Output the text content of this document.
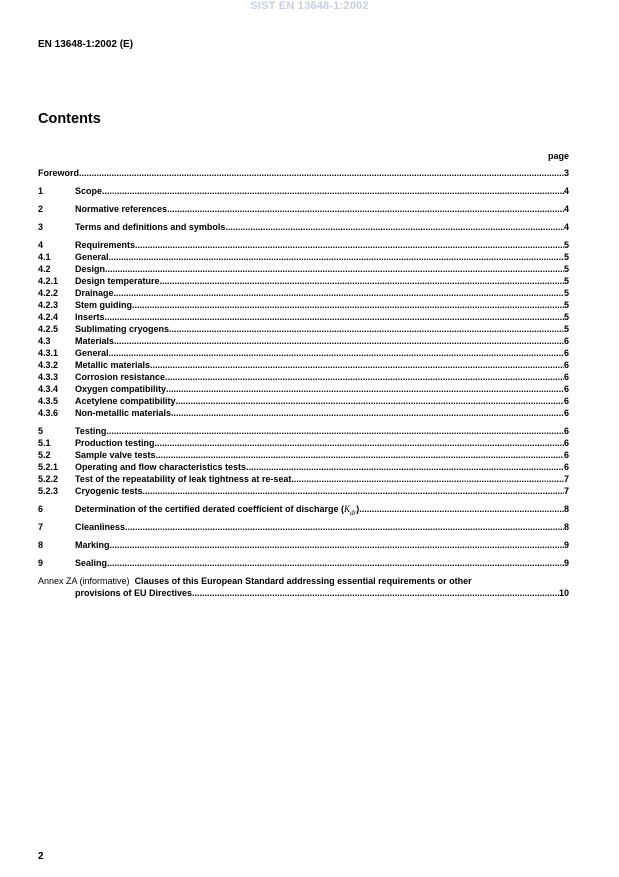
SIST EN 13648-1:2002
EN 13648-1:2002 (E)
Contents
page
Foreword .....	3
1	Scope .....	4
2	Normative references .....	4
3	Terms and definitions and symbols .....	4
4	Requirements .....	5
4.1	General .....	5
4.2	Design .....	5
4.2.1	Design temperature .....	5
4.2.2	Drainage .....	5
4.2.3	Stem guiding .....	5
4.2.4	Inserts .....	5
4.2.5	Sublimating cryogens .....	5
4.3	Materials .....	6
4.3.1	General .....	6
4.3.2	Metallic materials .....	6
4.3.3	Corrosion resistance .....	6
4.3.4	Oxygen compatibility .....	6
4.3.5	Acetylene compatibility .....	6
4.3.6	Non-metallic materials .....	6
5	Testing .....	6
5.1	Production testing .....	6
5.2	Sample valve tests .....	6
5.2.1	Operating and flow characteristics tests .....	6
5.2.2	Test of the repeatability of leak tightness at re-seat .....	7
5.2.3	Cryogenic tests .....	7
6	Determination of the certified derated coefficient of discharge $(K_{dr})$ .....	8
7	Cleanliness .....	8
8	Marking .....	9
9	Sealing .....	9
Annex ZA (informative)
Clauses of this European Standard addressing essential requirements or other
provisions of EU Directives .....	10
2
